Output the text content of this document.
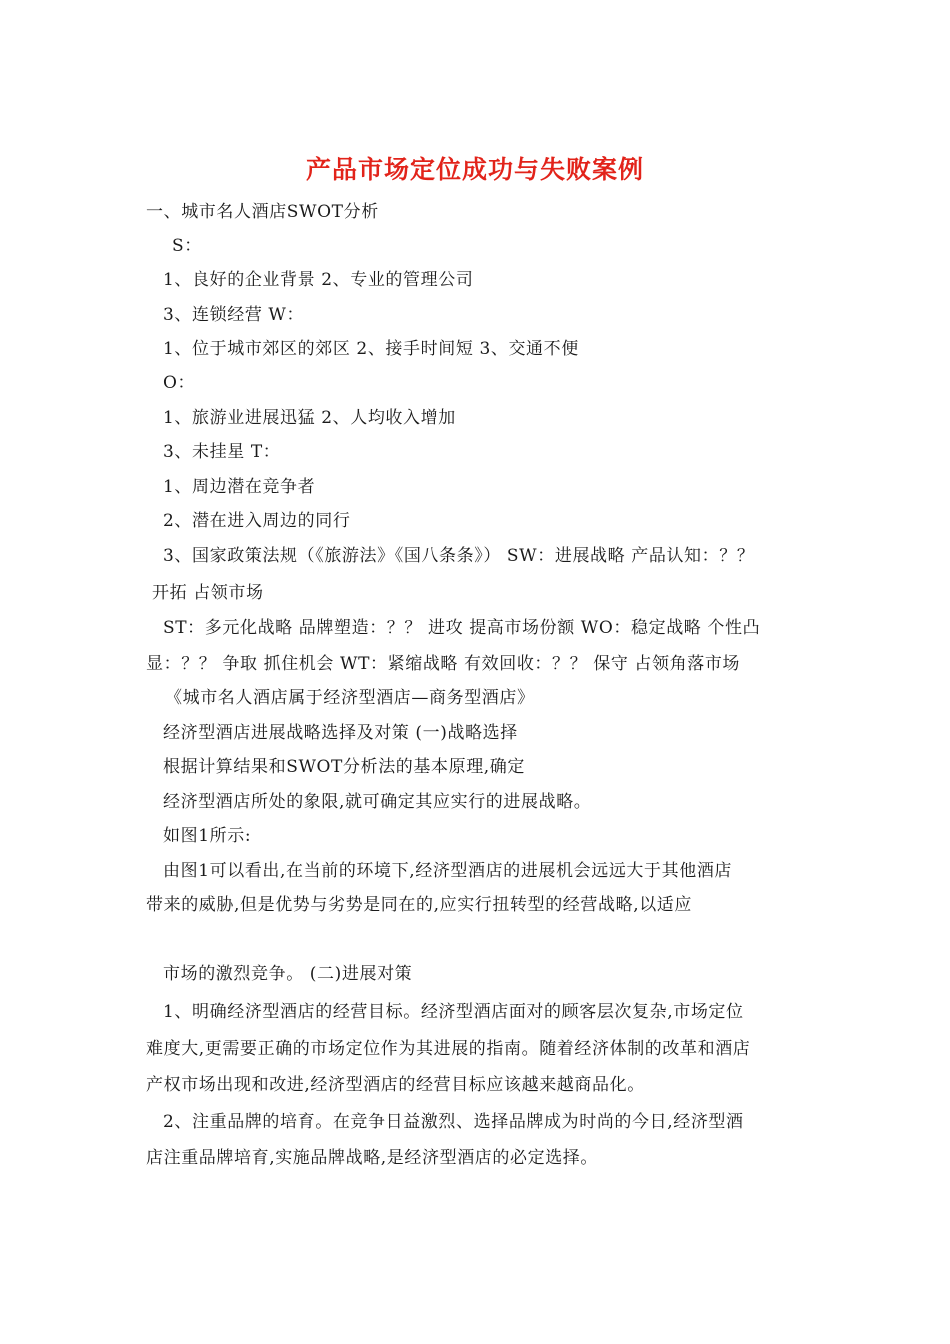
产品市场定位成功与失败案例
一、城市名人酒店SWOT分析
S：
1、良好的企业背景 2、专业的管理公司
3、连锁经营 W：
1、位于城市郊区的郊区 2、接手时间短 3、交通不便
O：
1、旅游业进展迅猛 2、人均收入增加
3、未挂星 T：
1、周边潜在竞争者
2、潜在进入周边的同行
3、国家政策法规（《旅游法》《国八条条》） SW：进展战略 产品认知：？？
开拓 占领市场
ST：多元化战略 品牌塑造：？？ 进攻 提高市场份额 WO：稳定战略 个性凸
显：？？ 争取 抓住机会 WT：紧缩战略 有效回收：？？ 保守 占领角落市场
《城市名人酒店属于经济型酒店—商务型酒店》
经济型酒店进展战略选择及对策 (一)战略选择
根据计算结果和SWOT分析法的基本原理,确定
经济型酒店所处的象限,就可确定其应实行的进展战略。
如图1所示:
由图1可以看出,在当前的环境下,经济型酒店的进展机会远远大于其他酒店
带来的威胁,但是优势与劣势是同在的,应实行扭转型的经营战略,以适应
市场的激烈竞争。 (二)进展对策
1、明确经济型酒店的经营目标。经济型酒店面对的顾客层次复杂,市场定位
难度大,更需要正确的市场定位作为其进展的指南。随着经济体制的改革和酒店
产权市场出现和改进,经济型酒店的经营目标应该越来越商品化。
2、注重品牌的培育。在竞争日益激烈、选择品牌成为时尚的今日,经济型酒
店注重品牌培育,实施品牌战略,是经济型酒店的必定选择。
